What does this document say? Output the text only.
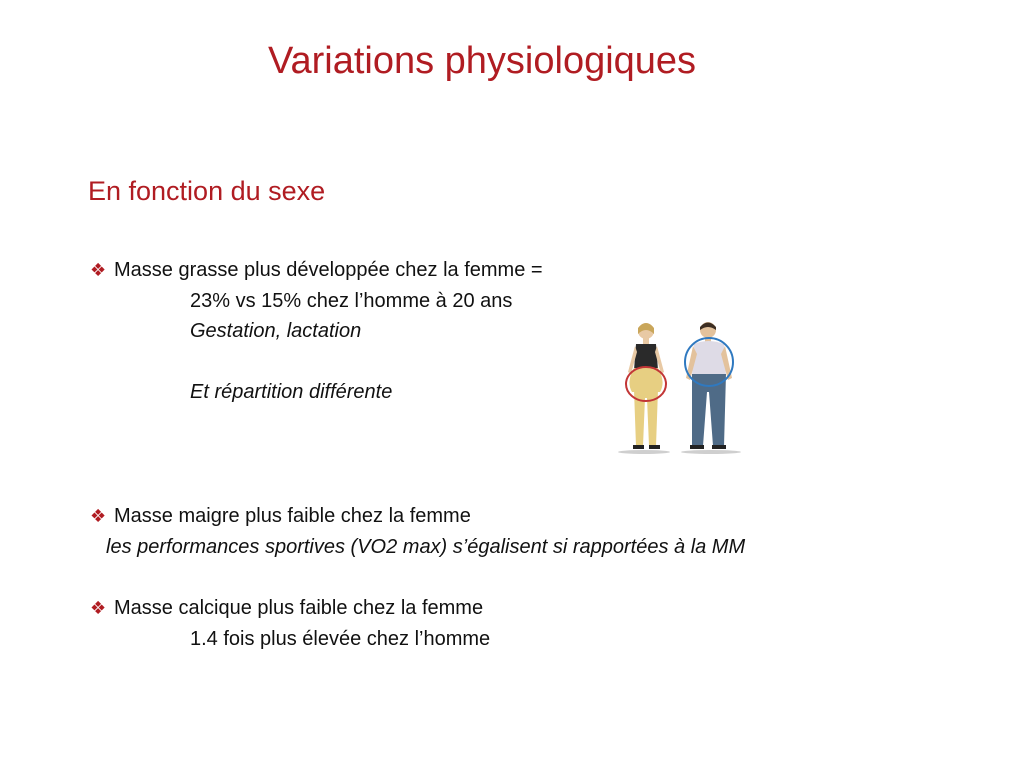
Variations physiologiques
En fonction du sexe
❖ Masse grasse plus développée chez la femme =
23% vs 15% chez l’homme à 20 ans
Gestation, lactation
Et répartition différente
❖ Masse maigre plus faible chez la femme
les performances sportives (VO2 max) s’égalisent si rapportées à la MM
❖ Masse calcique plus faible chez la femme
1.4 fois plus élevée chez l’homme
